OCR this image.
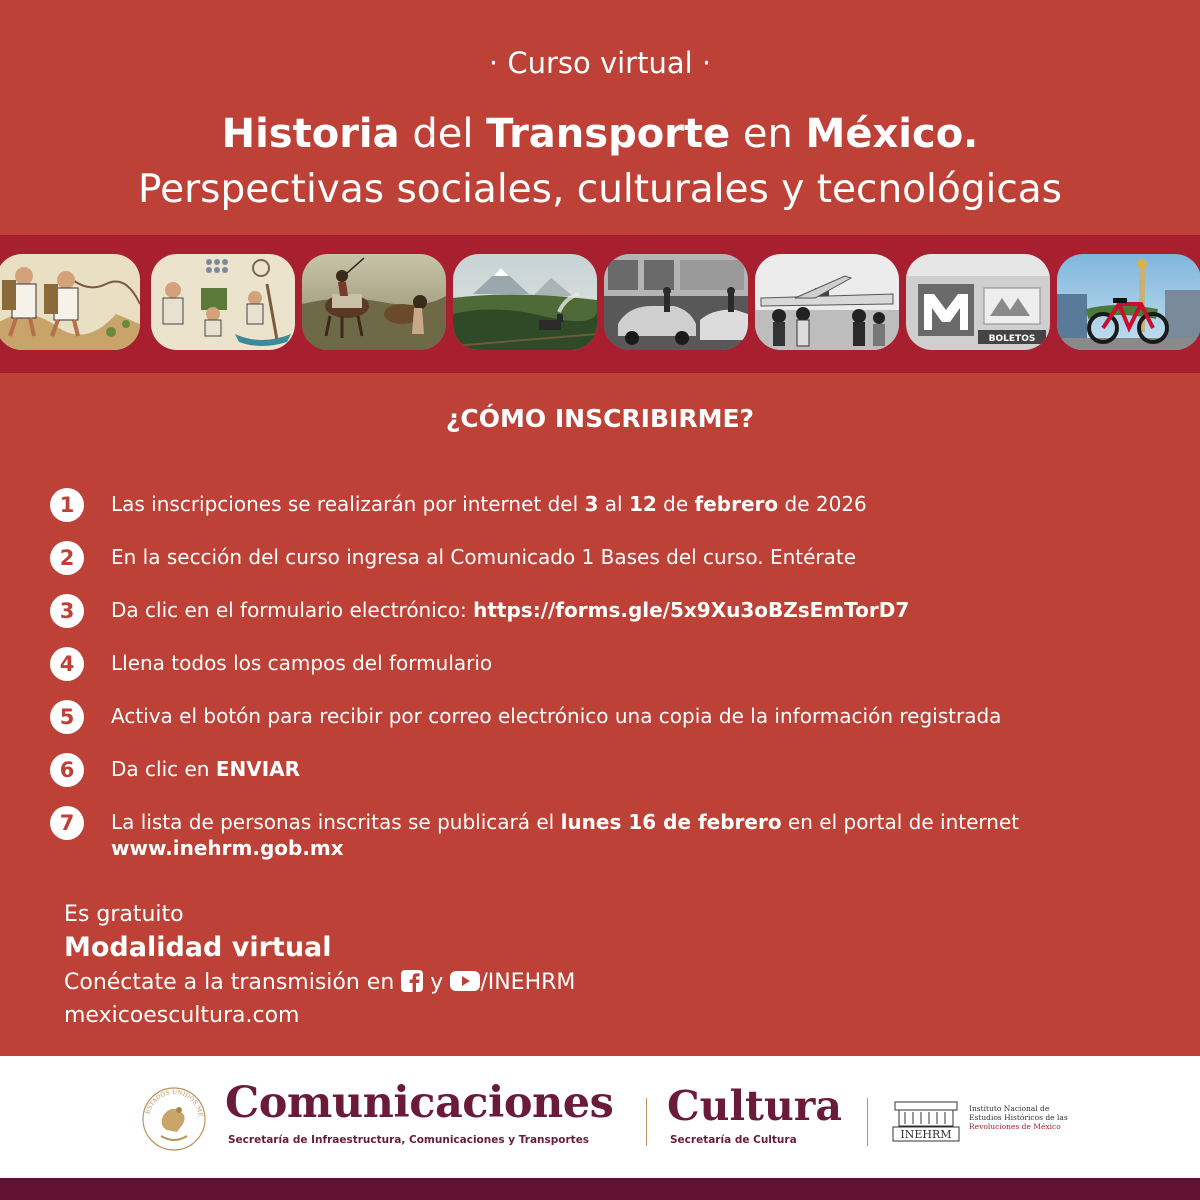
· Curso virtual ·
Historia del Transporte en México.
Perspectivas sociales, culturales y tecnológicas
BOLETOS
¿CÓMO INSCRIBIRME?
1	Las inscripciones se realizarán por internet del 3 al 12 de febrero de 2026
2	En la sección del curso ingresa al Comunicado 1 Bases del curso. Entérate
3	Da clic en el formulario electrónico: https://forms.gle/5x9Xu3oBZsEmTorD7
4	Llena todos los campos del formulario
5	Activa el botón para recibir por correo electrónico una copia de la información registrada
6	Da clic en ENVIAR
7	La lista de personas inscritas se publicará el lunes 16 de febrero en el portal de internet
www.inehrm.gob.mx
Es gratuito
Modalidad virtual
Conéctate a la transmisión en y /INEHRM
mexicoescultura.com
ESTADOS UNIDOS ME Comunicaciones
Secretaría de Infraestructura, Comunicaciones y Transportes
Cultura
Secretaría de Cultura	INEHRM
Instituto Nacional de
Estudios Históricos de las
Revoluciones de México
